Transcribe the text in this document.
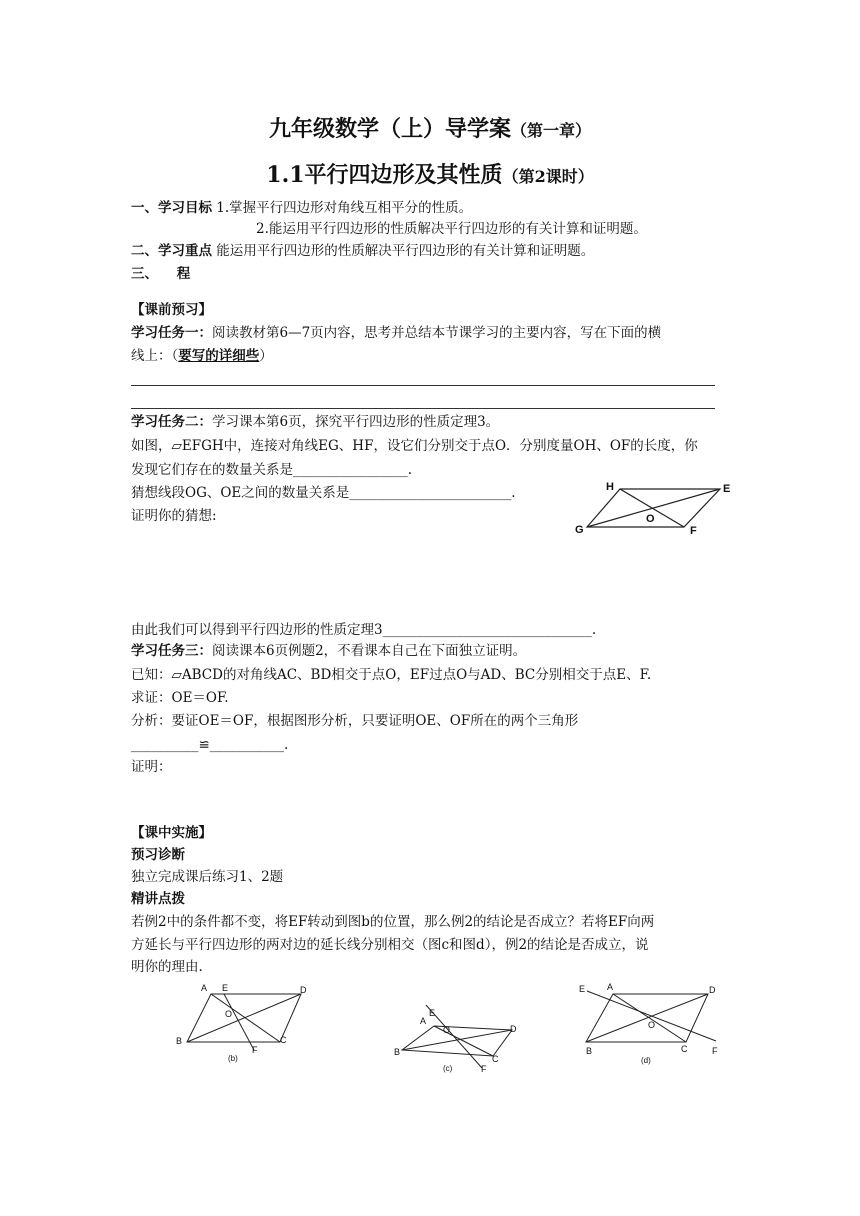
九年级数学（上）导学案（第一章）
1.1平行四边形及其性质（第2课时）
一、学习目标 1.掌握平行四边形对角线互相平分的性质。
2.能运用平行四边形的性质解决平行四边形的有关计算和证明题。
二、学习重点 能运用平行四边形的性质解决平行四边形的有关计算和证明题。
三、    程
【课前预习】
学习任务一：阅读教材第6—7页内容，思考并总结本节课学习的主要内容，写在下面的横
线上：（要写的详细些）
学习任务二：学习课本第6页，探究平行四边形的性质定理3。
如图，▱EFGH中，连接对角线EG、HF，设它们分别交于点O．分别度量OH、OF的长度，你
发现它们存在的数量关系是_________________.
猜想线段OG、OE之间的数量关系是________________________.
证明你的猜想:
H	E
G	F
O
由此我们可以得到平行四边形的性质定理3_______________________________.
学习任务三：阅读课本6页例题2，不看课本自己在下面独立证明。
已知：▱ABCD的对角线AC、BD相交于点O，EF过点O与AD、BC分别相交于点E、F.
求证：OE＝OF.
分析：要证OE＝OF，根据图形分析，只要证明OE、OF所在的两个三角形
__________≌___________.
证明：
【课中实施】
预习诊断
独立完成课后练习1、2题
精讲点拨
若例2中的条件都不变，将EF转动到图b的位置，那么例2的结论是否成立？若将EF向两
方延长与平行四边形的两对边的延长线分别相交（图c和图d），例2的结论是否成立，说
明你的理由.
A E	D
O
B
F
C
(b)
E
A
D
O
B
C
F
(c)
E A	D
O
B	C	F
(d)
